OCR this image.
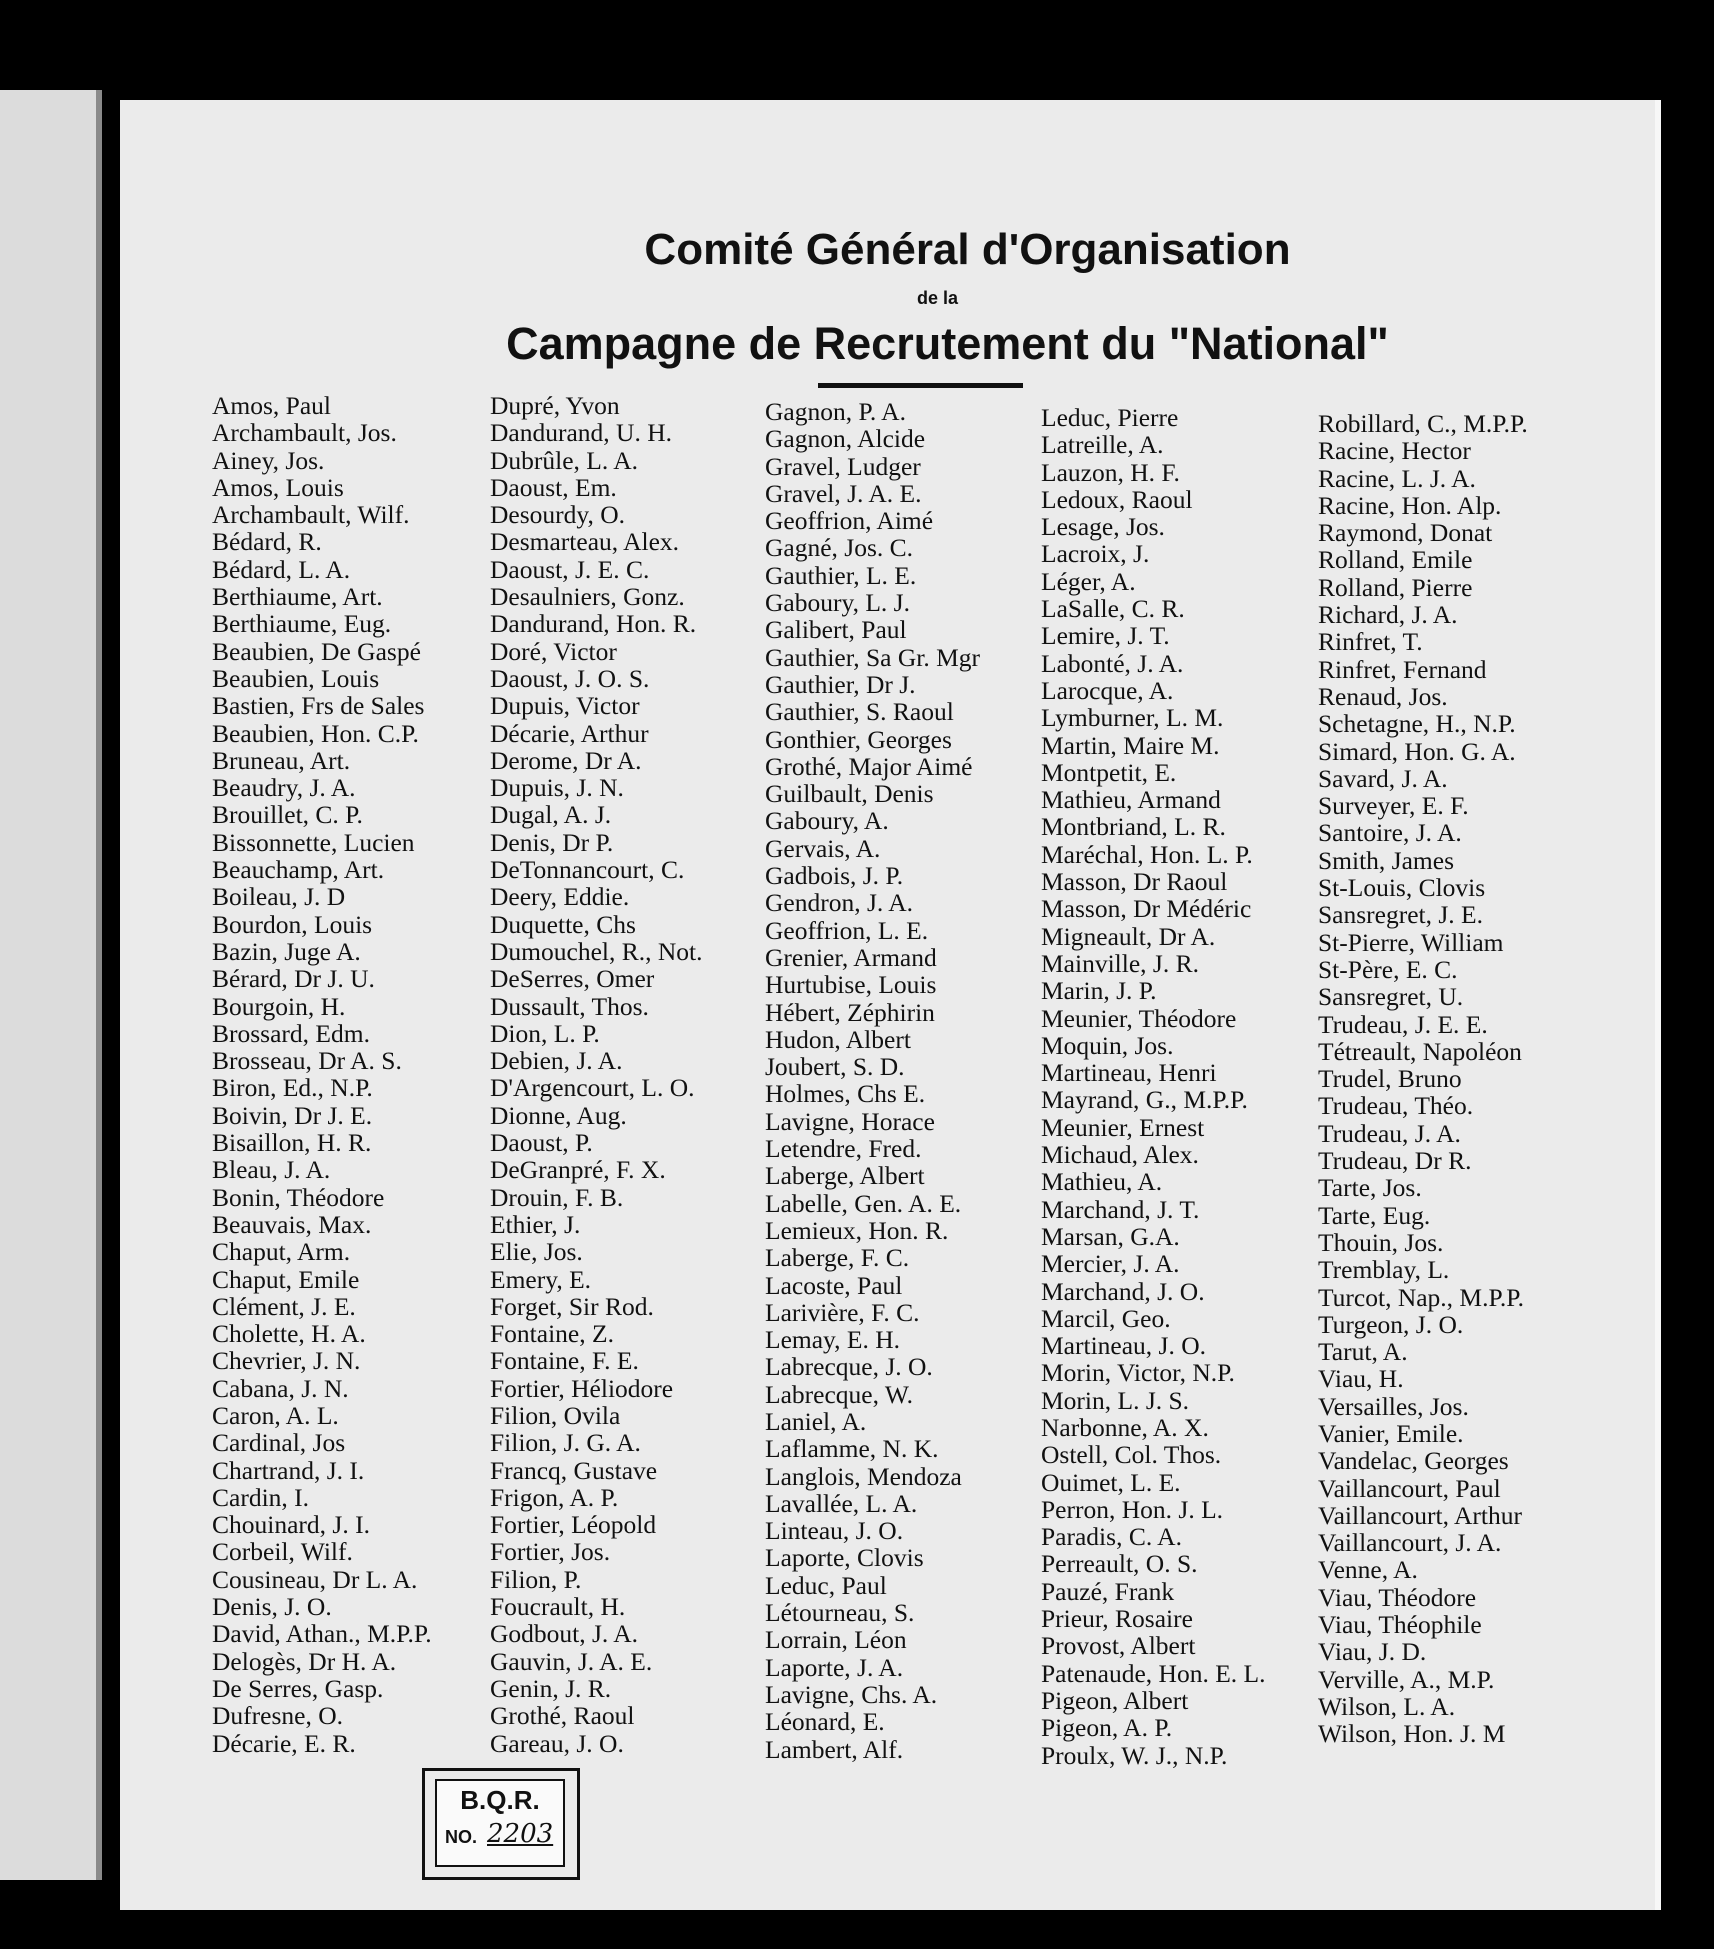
Comité Général d'Organisation
de la
Campagne de Recrutement du "National"
Amos, Paul
Archambault, Jos.
Ainey, Jos.
Amos, Louis
Archambault, Wilf.
Bédard, R.
Bédard, L. A.
Berthiaume, Art.
Berthiaume, Eug.
Beaubien, De Gaspé
Beaubien, Louis
Bastien, Frs de Sales
Beaubien, Hon. C.P.
Bruneau, Art.
Beaudry, J. A.
Brouillet, C. P.
Bissonnette, Lucien
Beauchamp, Art.
Boileau, J. D
Bourdon, Louis
Bazin, Juge A.
Bérard, Dr J. U.
Bourgoin, H.
Brossard, Edm.
Brosseau, Dr A. S.
Biron, Ed., N.P.
Boivin, Dr J. E.
Bisaillon, H. R.
Bleau, J. A.
Bonin, Théodore
Beauvais, Max.
Chaput, Arm.
Chaput, Emile
Clément, J. E.
Cholette, H. A.
Chevrier, J. N.
Cabana, J. N.
Caron, A. L.
Cardinal, Jos
Chartrand, J. I.
Cardin, I.
Chouinard, J. I.
Corbeil, Wilf.
Cousineau, Dr L. A.
Denis, J. O.
David, Athan., M.P.P.
Delogès, Dr H. A.
De Serres, Gasp.
Dufresne, O.
Décarie, E. R.
Dupré, Yvon
Dandurand, U. H.
Dubrûle, L. A.
Daoust, Em.
Desourdy, O.
Desmarteau, Alex.
Daoust, J. E. C.
Desaulniers, Gonz.
Dandurand, Hon. R.
Doré, Victor
Daoust, J. O. S.
Dupuis, Victor
Décarie, Arthur
Derome, Dr A.
Dupuis, J. N.
Dugal, A. J.
Denis, Dr P.
DeTonnancourt, C.
Deery, Eddie.
Duquette, Chs
Dumouchel, R., Not.
DeSerres, Omer
Dussault, Thos.
Dion, L. P.
Debien, J. A.
D'Argencourt, L. O.
Dionne, Aug.
Daoust, P.
DeGranpré, F. X.
Drouin, F. B.
Ethier, J.
Elie, Jos.
Emery, E.
Forget, Sir Rod.
Fontaine, Z.
Fontaine, F. E.
Fortier, Héliodore
Filion, Ovila
Filion, J. G. A.
Francq, Gustave
Frigon, A. P.
Fortier, Léopold
Fortier, Jos.
Filion, P.
Foucrault, H.
Godbout, J. A.
Gauvin, J. A. E.
Genin, J. R.
Grothé, Raoul
Gareau, J. O.
Gagnon, P. A.
Gagnon, Alcide
Gravel, Ludger
Gravel, J. A. E.
Geoffrion, Aimé
Gagné, Jos. C.
Gauthier, L. E.
Gaboury, L. J.
Galibert, Paul
Gauthier, Sa Gr. Mgr
Gauthier, Dr J.
Gauthier, S. Raoul
Gonthier, Georges
Grothé, Major Aimé
Guilbault, Denis
Gaboury, A.
Gervais, A.
Gadbois, J. P.
Gendron, J. A.
Geoffrion, L. E.
Grenier, Armand
Hurtubise, Louis
Hébert, Zéphirin
Hudon, Albert
Joubert, S. D.
Holmes, Chs E.
Lavigne, Horace
Letendre, Fred.
Laberge, Albert
Labelle, Gen. A. E.
Lemieux, Hon. R.
Laberge, F. C.
Lacoste, Paul
Larivière, F. C.
Lemay, E. H.
Labrecque, J. O.
Labrecque, W.
Laniel, A.
Laflamme, N. K.
Langlois, Mendoza
Lavallée, L. A.
Linteau, J. O.
Laporte, Clovis
Leduc, Paul
Létourneau, S.
Lorrain, Léon
Laporte, J. A.
Lavigne, Chs. A.
Léonard, E.
Lambert, Alf.
Leduc, Pierre
Latreille, A.
Lauzon, H. F.
Ledoux, Raoul
Lesage, Jos.
Lacroix, J.
Léger, A.
LaSalle, C. R.
Lemire, J. T.
Labonté, J. A.
Larocque, A.
Lymburner, L. M.
Martin, Maire M.
Montpetit, E.
Mathieu, Armand
Montbriand, L. R.
Maréchal, Hon. L. P.
Masson, Dr Raoul
Masson, Dr Médéric
Migneault, Dr A.
Mainville, J. R.
Marin, J. P.
Meunier, Théodore
Moquin, Jos.
Martineau, Henri
Mayrand, G., M.P.P.
Meunier, Ernest
Michaud, Alex.
Mathieu, A.
Marchand, J. T.
Marsan, G.A.
Mercier, J. A.
Marchand, J. O.
Marcil, Geo.
Martineau, J. O.
Morin, Victor, N.P.
Morin, L. J. S.
Narbonne, A. X.
Ostell, Col. Thos.
Ouimet, L. E.
Perron, Hon. J. L.
Paradis, C. A.
Perreault, O. S.
Pauzé, Frank
Prieur, Rosaire
Provost, Albert
Patenaude, Hon. E. L.
Pigeon, Albert
Pigeon, A. P.
Proulx, W. J., N.P.
Robillard, C., M.P.P.
Racine, Hector
Racine, L. J. A.
Racine, Hon. Alp.
Raymond, Donat
Rolland, Emile
Rolland, Pierre
Richard, J. A.
Rinfret, T.
Rinfret, Fernand
Renaud, Jos.
Schetagne, H., N.P.
Simard, Hon. G. A.
Savard, J. A.
Surveyer, E. F.
Santoire, J. A.
Smith, James
St-Louis, Clovis
Sansregret, J. E.
St-Pierre, William
St-Père, E. C.
Sansregret, U.
Trudeau, J. E. E.
Tétreault, Napoléon
Trudel, Bruno
Trudeau, Théo.
Trudeau, J. A.
Trudeau, Dr R.
Tarte, Jos.
Tarte, Eug.
Thouin, Jos.
Tremblay, L.
Turcot, Nap., M.P.P.
Turgeon, J. O.
Tarut, A.
Viau, H.
Versailles, Jos.
Vanier, Emile.
Vandelac, Georges
Vaillancourt, Paul
Vaillancourt, Arthur
Vaillancourt, J. A.
Venne, A.
Viau, Théodore
Viau, Théophile
Viau, J. D.
Verville, A., M.P.
Wilson, L. A.
Wilson, Hon. J. M
B.Q.R.
NO. 2203
